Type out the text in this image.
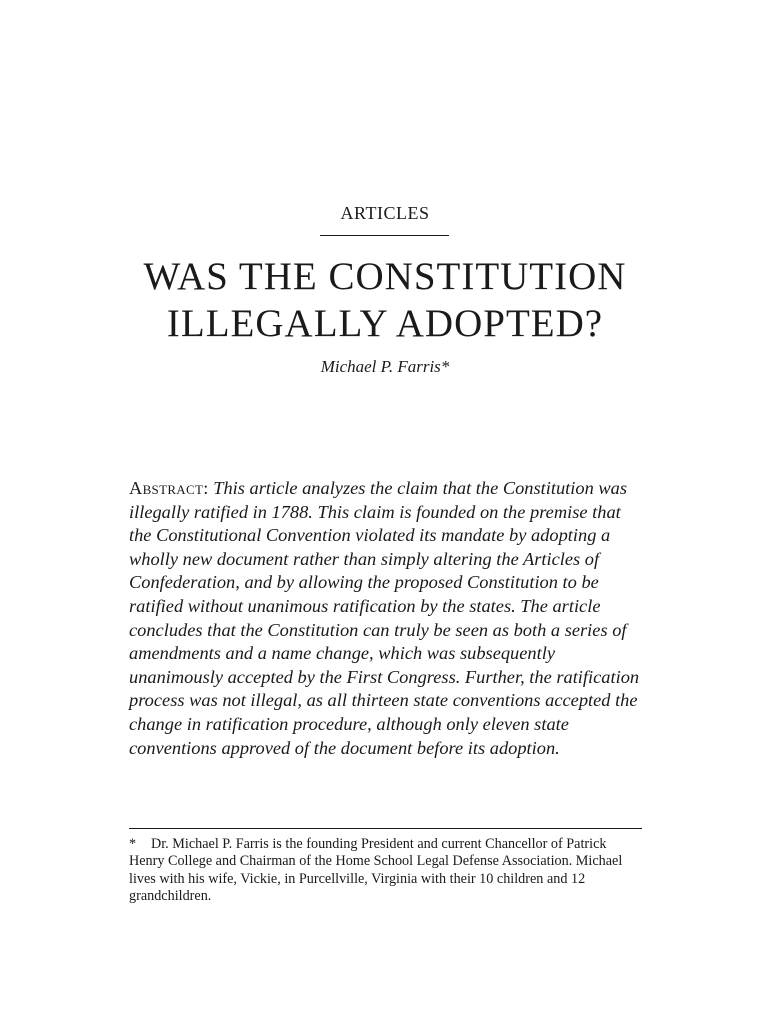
ARTICLES
WAS THE CONSTITUTION
ILLEGALLY ADOPTED?
Michael P. Farris*

Abstract: This article analyzes the claim that the Constitution was illegally ratified in 1788. This claim is founded on the premise that the Constitutional Convention violated its mandate by adopting a wholly new document rather than simply altering the Articles of Confederation, and by allowing the proposed Constitution to be ratified without unanimous ratification by the states. The article concludes that the Constitution can truly be seen as both a series of amendments and a name change, which was subsequently unanimously accepted by the First Congress. Further, the ratification process was not illegal, as all thirteen state conventions accepted the change in ratification procedure, although only eleven state conventions approved of the document before its adoption.

* Dr. Michael P. Farris is the founding President and current Chancellor of Patrick Henry College and Chairman of the Home School Legal Defense Association. Michael lives with his wife, Vickie, in Purcellville, Virginia with their 10 children and 12 grandchildren.
